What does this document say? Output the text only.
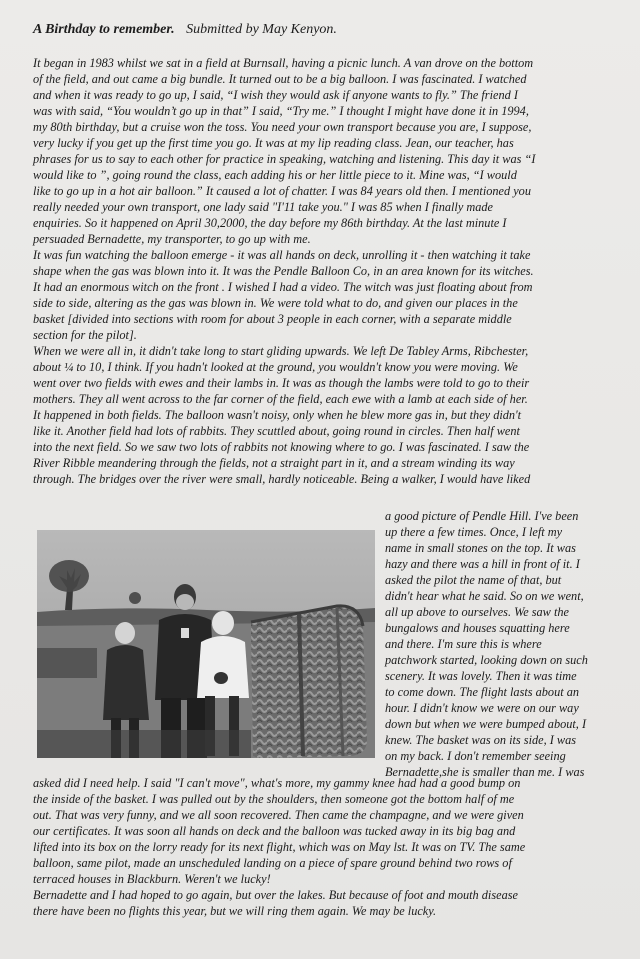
A Birthday to remember. Submitted by May Kenyon.
It began in 1983 whilst we sat in a field at Burnsall, having a picnic lunch. A van drove on the bottom
of the field, and out came a big bundle. It turned out to be a big balloon. I was fascinated. I watched
and when it was ready to go up, I said, “I wish they would ask if anyone wants to fly.” The friend I
was with said, “You wouldn’t go up in that” I said, “Try me.” I thought I might have done it in 1994,
my 80th birthday, but a cruise won the toss. You need your own transport because you are, I suppose,
very lucky if you get up the first time you go. It was at my lip reading class. Jean, our teacher, has
phrases for us to say to each other for practice in speaking, watching and listening. This day it was “I
would like to ”, going round the class, each adding his or her little piece to it. Mine was, “I would
like to go up in a hot air balloon.” It caused a lot of chatter. I was 84 years old then. I mentioned you
really needed your own transport, one lady said "I'11 take you." I was 85 when I finally made
enquiries. So it happened on April 30,2000, the day before my 86th birthday. At the last minute I
persuaded Bernadette, my transporter, to go up with me.
It was fun watching the balloon emerge - it was all hands on deck, unrolling it - then watching it take
shape when the gas was blown into it. It was the Pendle Balloon Co, in an area known for its witches.
It had an enormous witch on the front . I wished I had a video. The witch was just floating about from
side to side, altering as the gas was blown in. We were told what to do, and given our places in the
basket [divided into sections with room for about 3 people in each corner, with a separate middle
section for the pilot].
When we were all in, it didn't take long to start gliding upwards. We left De Tabley Arms, Ribchester,
about ¼ to 10, I think. If you hadn't looked at the ground, you wouldn't know you were moving. We
went over two fields with ewes and their lambs in. It was as though the lambs were told to go to their
mothers. They all went across to the far corner of the field, each ewe with a lamb at each side of her.
It happened in both fields. The balloon wasn't noisy, only when he blew more gas in, but they didn't
like it. Another field had lots of rabbits. They scuttled about, going round in circles. Then half went
into the next field. So we saw two lots of rabbits not knowing where to go. I was fascinated. I saw the
River Ribble meandering through the fields, not a straight part in it, and a stream winding its way
through. The bridges over the river were small, hardly noticeable. Being a walker, I would have liked
a good picture of Pendle Hill. I've been
up there a few times. Once, I left my
name in small stones on the top. It was
hazy and there was a hill in front of it. I
asked the pilot the name of that, but
didn't hear what he said. So on we went,
all up above to ourselves. We saw the
bungalows and houses squatting here
and there. I'm sure this is where
patchwork started, looking down on such
scenery. It was lovely. Then it was time
to come down. The flight lasts about an
hour. I didn't know we were on our way
down but when we were bumped about, I
knew. The basket was on its side, I was
on my back. I don't remember seeing
Bernadette,she is smaller than me. I was
asked did I need help. I said "I can't move", what's more, my gammy knee had had a good bump on
the inside of the basket. I was pulled out by the shoulders, then someone got the bottom half of me
out. That was very funny, and we all soon recovered. Then came the champagne, and we were given
our certificates. It was soon all hands on deck and the balloon was tucked away in its big bag and
lifted into its box on the lorry ready for its next flight, which was on May lst. It was on TV. The same
balloon, same pilot, made an unscheduled landing on a piece of spare ground behind two rows of
terraced houses in Blackburn. Weren't we lucky!
Bernadette and I had hoped to go again, but over the lakes. But because of foot and mouth disease
there have been no flights this year, but we will ring them again. We may be lucky.
